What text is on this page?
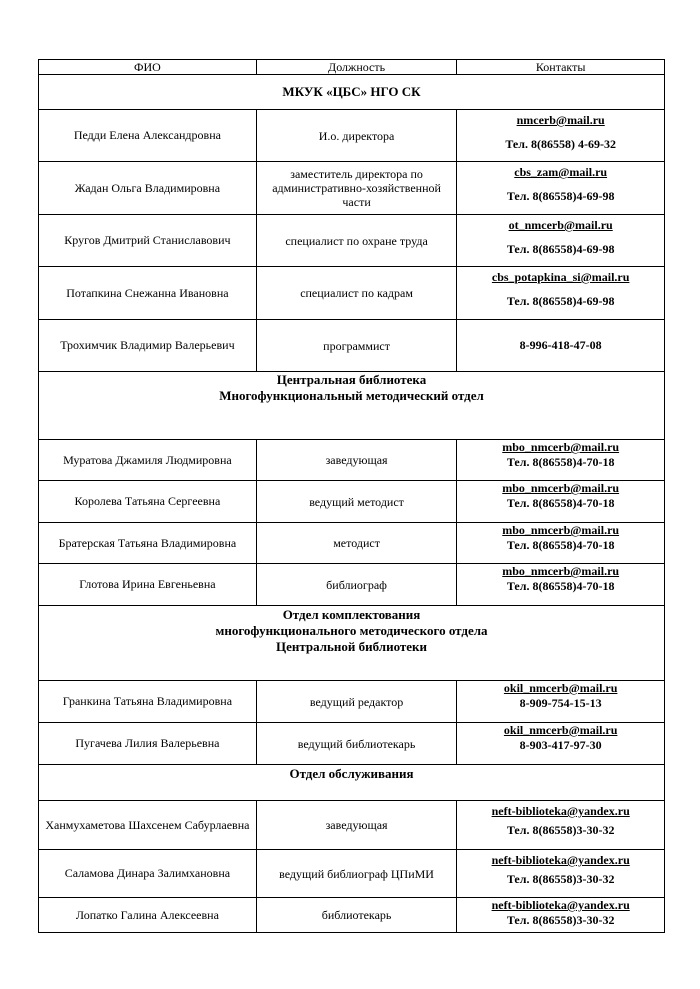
ФИО	Должность	Контакты

МКУК «ЦБС» НГО СК		

Педди Елена Александровна	И.о. директора	nmcerb@mail.ru
Тел. 8(86558) 4-69-32

Жадан Ольга Владимировна	заместитель директора по административно-хозяйственной части	cbs_zam@mail.ru
Тел. 8(86558)4-69-98

Кругов Дмитрий Станиславович	специалист по охране труда	ot_nmcerb@mail.ru
Тел. 8(86558)4-69-98

Потапкина Снежанна Ивановна	специалист по кадрам	cbs_potapkina_si@mail.ru
Тел. 8(86558)4-69-98

Трохимчик Владимир Валерьевич	программист	8-996-418-47-08

Центральная библиотека
Многофункциональный методический отдел		

Муратова Джамиля Людмировна	заведующая	mbo_nmcerb@mail.ru
Тел. 8(86558)4-70-18

Королева Татьяна Сергеевна	ведущий методист	mbo_nmcerb@mail.ru
Тел. 8(86558)4-70-18

Братерская Татьяна Владимировна	методист	mbo_nmcerb@mail.ru
Тел. 8(86558)4-70-18

Глотова Ирина Евгеньевна	библиограф	mbo_nmcerb@mail.ru
Тел. 8(86558)4-70-18

Отдел комплектования
многофункционального методического отдела
Центральной библиотеки		

Гранкина Татьяна Владимировна	ведущий редактор	okil_nmcerb@mail.ru
8-909-754-15-13

Пугачева Лилия Валерьевна	ведущий библиотекарь	okil_nmcerb@mail.ru
8-903-417-97-30

Отдел обслуживания		

Ханмухаметова Шахсенем Сабурлаевна	заведующая	neft-biblioteka@yandex.ru
Тел. 8(86558)3-30-32

Саламова Динара Залимхановна	ведущий библиограф ЦПиМИ	neft-biblioteka@yandex.ru
Тел. 8(86558)3-30-32

Лопатко Галина Алексеевна	библиотекарь	neft-biblioteka@yandex.ru
Тел. 8(86558)3-30-32
